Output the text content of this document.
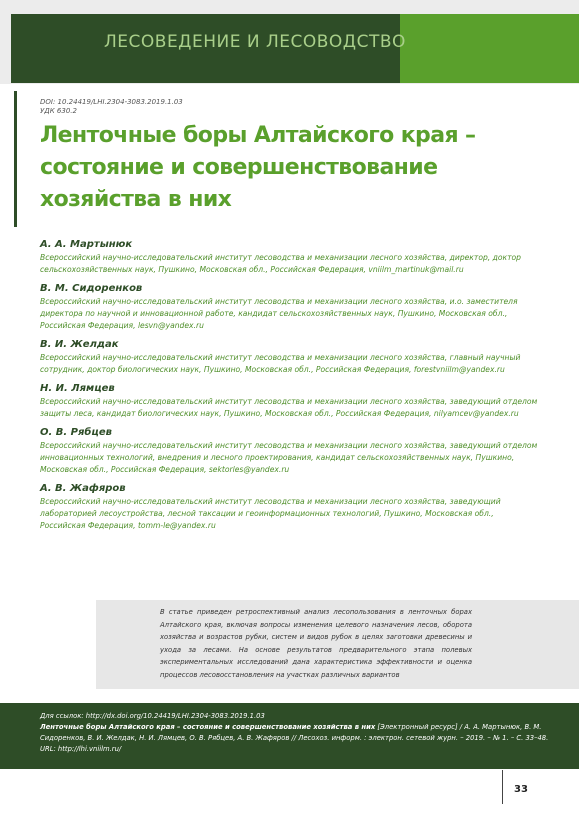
ЛЕСОВЕДЕНИЕ И ЛЕСОВОДСТВО

DOI: 10.24419/LHI.2304-3083.2019.1.03

УДК 630.2

Ленточные боры Алтайского края – состояние и совершенствование хозяйства в них

А. А. Мартынюк

Всероссийский научно-исследовательский институт лесоводства и механизации лесного хозяйства, директор, доктор сельскохозяйственных наук, Пушкино, Московская обл., Российская Федерация, vniilm_martinuk@mail.ru

В. М. Сидоренков

Всероссийский научно-исследовательский институт лесоводства и механизации лесного хозяйства, и.о. заместителя директора по научной и инновационной работе, кандидат сельскохозяйственных наук, Пушкино, Московская обл., Российская Федерация, lesvn@yandex.ru

В. И. Желдак

Всероссийский научно-исследовательский институт лесоводства и механизации лесного хозяйства, главный научный сотрудник, доктор биологических наук, Пушкино, Московская обл., Российская Федерация, forestvniilm@yandex.ru

Н. И. Лямцев

Всероссийский научно-исследовательский институт лесоводства и механизации лесного хозяйства, заведующий отделом защиты леса, кандидат биологических наук, Пушкино, Московская обл., Российская Федерация, nilyamcev@yandex.ru

О. В. Рябцев

Всероссийский научно-исследовательский институт лесоводства и механизации лесного хозяйства, заведующий отделом инновационных технологий, внедрения и лесного проектирования, кандидат сельскохозяйственных наук, Пушкино, Московская обл., Российская Федерация, sektorles@yandex.ru

А. В. Жафяров

Всероссийский научно-исследовательский институт лесоводства и механизации лесного хозяйства, заведующий лабораторией лесоустройства, лесной таксации и геоинформационных технологий, Пушкино, Московская обл., Российская Федерация, tomm-le@yandex.ru

В статье приведен ретроспективный анализ лесопользования в ленточных борах Алтайского края, включая вопросы изменения целевого назначения лесов, оборота хозяйства и возрастов рубки, систем и видов рубок в целях заготовки древесины и ухода за лесами. На основе результатов предварительного этапа полевых экспериментальных исследований дана характеристика эффективности и оценка процессов лесовосстановления на участках различных вариантов

Для ссылок: http://dx.doi.org/10.24419/LHI.2304-3083.2019.1.03
Ленточные боры Алтайского края – состояние и совершенствование хозяйства в них [Электронный ресурс] / А. А. Мартынюк, В. М. Сидоренков, В. И. Желдак, Н. И. Лямцев, О. В. Рябцев, А. В. Жафяров // Лесохоз. информ. : электрон. сетевой журн. – 2019. – № 1. – С. 33–48. URL: http://lhi.vniilm.ru/

33
